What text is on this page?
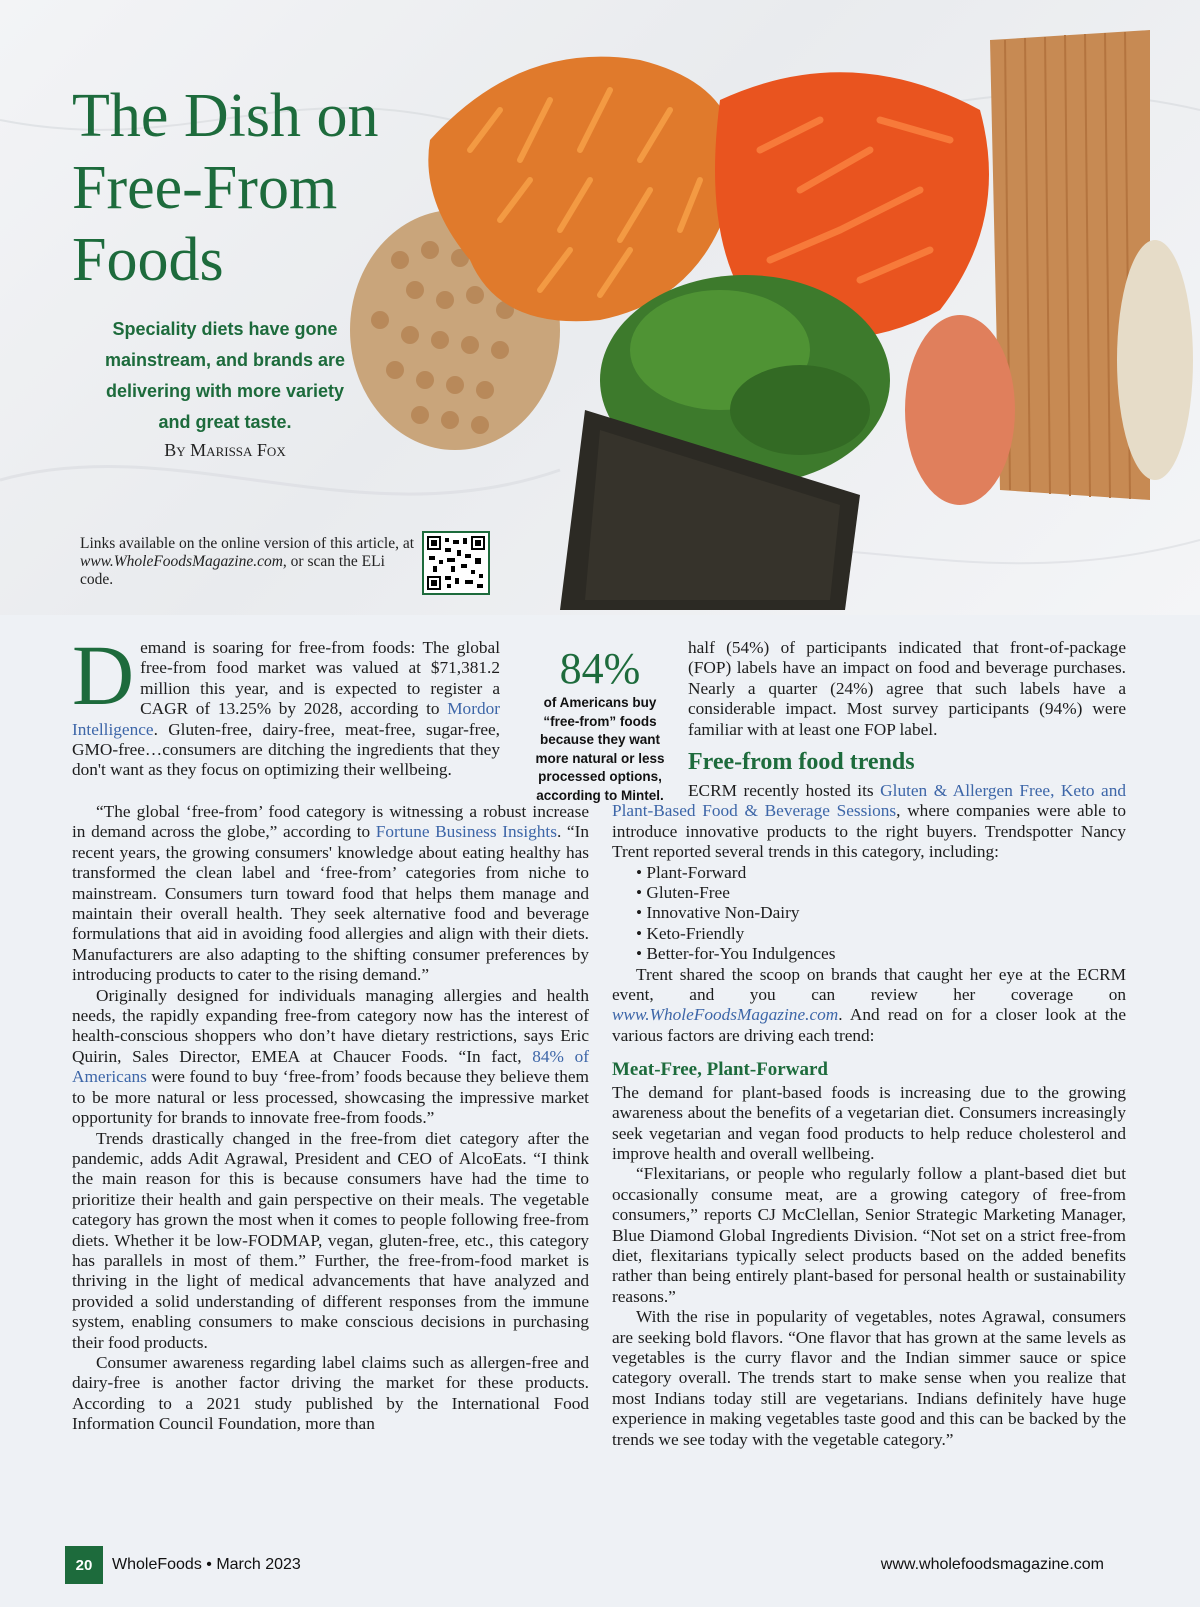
The Dish on
Free-From
Foods
Speciality diets have gone
mainstream, and brands are
delivering with more variety
and great taste.
By Marissa Fox
Links available on the online version of this article, at www.WholeFoodsMagazine.com, or scan the ELi code.

Demand is soaring for free-from foods: The global free-from food market was valued at $71,381.2 million this year, and is expected to register a CAGR of 13.25% by 2028, according to Mordor Intelligence. Gluten-free, dairy-free, meat-free, sugar-free, GMO-free…consumers are ditching the ingredients that they don't want as they focus on optimizing their wellbeing.

84%
of Americans buy “free-from” foods because they want more natural or less processed options, according to Mintel.

“The global ‘free-from’ food category is witnessing a robust increase in demand across the globe,” according to Fortune Business Insights. “In recent years, the growing consumers' knowledge about eating healthy has transformed the clean label and ‘free-from’ categories from niche to mainstream. Consumers turn toward food that helps them manage and maintain their overall health. They seek alternative food and beverage formulations that aid in avoiding food allergies and align with their diets. Manufacturers are also adapting to the shifting consumer preferences by introducing products to cater to the rising demand.”

Originally designed for individuals managing allergies and health needs, the rapidly expanding free-from category now has the interest of health-conscious shoppers who don’t have dietary restrictions, says Eric Quirin, Sales Director, EMEA at Chaucer Foods. “In fact, 84% of Americans were found to buy ‘free-from’ foods because they believe them to be more natural or less processed, showcasing the impressive market opportunity for brands to innovate free-from foods.”

Trends drastically changed in the free-from diet category after the pandemic, adds Adit Agrawal, President and CEO of AlcoEats. “I think the main reason for this is because consumers have had the time to prioritize their health and gain perspective on their meals. The vegetable category has grown the most when it comes to people following free-from diets. Whether it be low-FODMAP, vegan, gluten-free, etc., this category has parallels in most of them.” Further, the free-from-food market is thriving in the light of medical advancements that have analyzed and provided a solid understanding of different responses from the immune system, enabling consumers to make conscious decisions in purchasing their food products.

Consumer awareness regarding label claims such as allergen-free and dairy-free is another factor driving the market for these products. According to a 2021 study published by the International Food Information Council Foundation, more than

half (54%) of participants indicated that front-of-package (FOP) labels have an impact on food and beverage purchases. Nearly a quarter (24%) agree that such labels have a considerable impact. Most survey participants (94%) were familiar with at least one FOP label.

Free-from food trends

ECRM recently hosted its Gluten & Allergen Free, Keto and Plant-Based Food & Beverage Sessions, where companies were able to introduce innovative products to the right buyers. Trendspotter Nancy Trent reported several trends in this category, including:

• Plant-Forward
• Gluten-Free
• Innovative Non-Dairy
• Keto-Friendly
• Better-for-You Indulgences

Trent shared the scoop on brands that caught her eye at the ECRM event, and you can review her coverage on www.WholeFoodsMagazine.com. And read on for a closer look at the various factors are driving each trend:

Meat-Free, Plant-Forward

The demand for plant-based foods is increasing due to the growing awareness about the benefits of a vegetarian diet. Consumers increasingly seek vegetarian and vegan food products to help reduce cholesterol and improve health and overall wellbeing.

“Flexitarians, or people who regularly follow a plant-based diet but occasionally consume meat, are a growing category of free-from consumers,” reports CJ McClellan, Senior Strategic Marketing Manager, Blue Diamond Global Ingredients Division. “Not set on a strict free-from diet, flexitarians typically select products based on the added benefits rather than being entirely plant-based for personal health or sustainability reasons.”

With the rise in popularity of vegetables, notes Agrawal, consumers are seeking bold flavors. “One flavor that has grown at the same levels as vegetables is the curry flavor and the Indian simmer sauce or spice category overall. The trends start to make sense when you realize that most Indians today still are vegetarians. Indians definitely have huge experience in making vegetables taste good and this can be backed by the trends we see today with the vegetable category.”

20	WholeFoods • March 2023	www.wholefoodsmagazine.com
